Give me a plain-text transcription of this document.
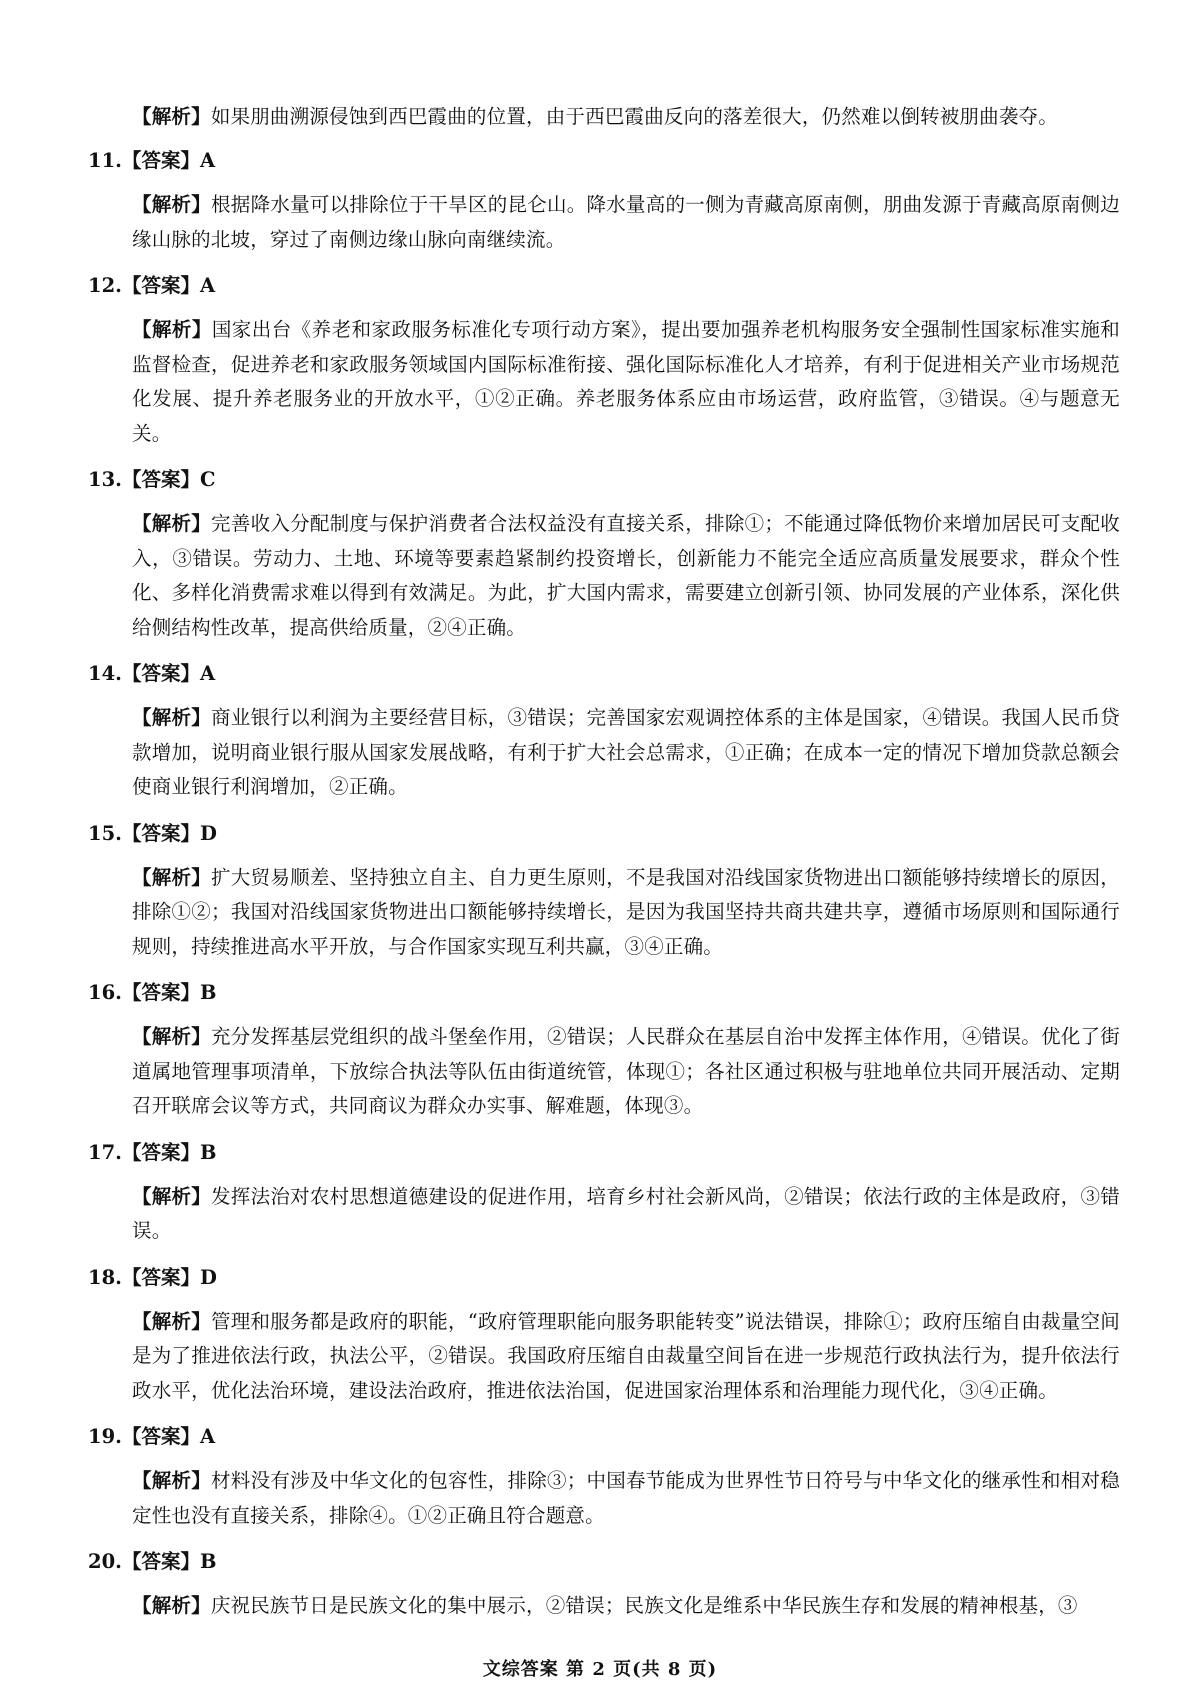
【解析】如果朋曲溯源侵蚀到西巴霞曲的位置，由于西巴霞曲反向的落差很大，仍然难以倒转被朋曲袭夺。

11.【答案】A

【解析】根据降水量可以排除位于干旱区的昆仑山。降水量高的一侧为青藏高原南侧，朋曲发源于青藏高原南侧边缘山脉的北坡，穿过了南侧边缘山脉向南继续流。

12.【答案】A

【解析】国家出台《养老和家政服务标准化专项行动方案》，提出要加强养老机构服务安全强制性国家标准实施和监督检查，促进养老和家政服务领域国内国际标准衔接、强化国际标准化人才培养，有利于促进相关产业市场规范化发展、提升养老服务业的开放水平，①②正确。养老服务体系应由市场运营，政府监管，③错误。④与题意无关。

13.【答案】C

【解析】完善收入分配制度与保护消费者合法权益没有直接关系，排除①；不能通过降低物价来增加居民可支配收入，③错误。劳动力、土地、环境等要素趋紧制约投资增长，创新能力不能完全适应高质量发展要求，群众个性化、多样化消费需求难以得到有效满足。为此，扩大国内需求，需要建立创新引领、协同发展的产业体系，深化供给侧结构性改革，提高供给质量，②④正确。

14.【答案】A

【解析】商业银行以利润为主要经营目标，③错误；完善国家宏观调控体系的主体是国家，④错误。我国人民币贷款增加，说明商业银行服从国家发展战略，有利于扩大社会总需求，①正确；在成本一定的情况下增加贷款总额会使商业银行利润增加，②正确。

15.【答案】D

【解析】扩大贸易顺差、坚持独立自主、自力更生原则，不是我国对沿线国家货物进出口额能够持续增长的原因，排除①②；我国对沿线国家货物进出口额能够持续增长，是因为我国坚持共商共建共享，遵循市场原则和国际通行规则，持续推进高水平开放，与合作国家实现互利共赢，③④正确。

16.【答案】B

【解析】充分发挥基层党组织的战斗堡垒作用，②错误；人民群众在基层自治中发挥主体作用，④错误。优化了街道属地管理事项清单，下放综合执法等队伍由街道统管，体现①；各社区通过积极与驻地单位共同开展活动、定期召开联席会议等方式，共同商议为群众办实事、解难题，体现③。

17.【答案】B

【解析】发挥法治对农村思想道德建设的促进作用，培育乡村社会新风尚，②错误；依法行政的主体是政府，③错误。

18.【答案】D

【解析】管理和服务都是政府的职能，“政府管理职能向服务职能转变”说法错误，排除①；政府压缩自由裁量空间是为了推进依法行政，执法公平，②错误。我国政府压缩自由裁量空间旨在进一步规范行政执法行为，提升依法行政水平，优化法治环境，建设法治政府，推进依法治国，促进国家治理体系和治理能力现代化，③④正确。

19.【答案】A

【解析】材料没有涉及中华文化的包容性，排除③；中国春节能成为世界性节日符号与中华文化的继承性和相对稳定性也没有直接关系，排除④。①②正确且符合题意。

20.【答案】B

【解析】庆祝民族节日是民族文化的集中展示，②错误；民族文化是维系中华民族生存和发展的精神根基，③

文综答案 第 2 页(共 8 页)
